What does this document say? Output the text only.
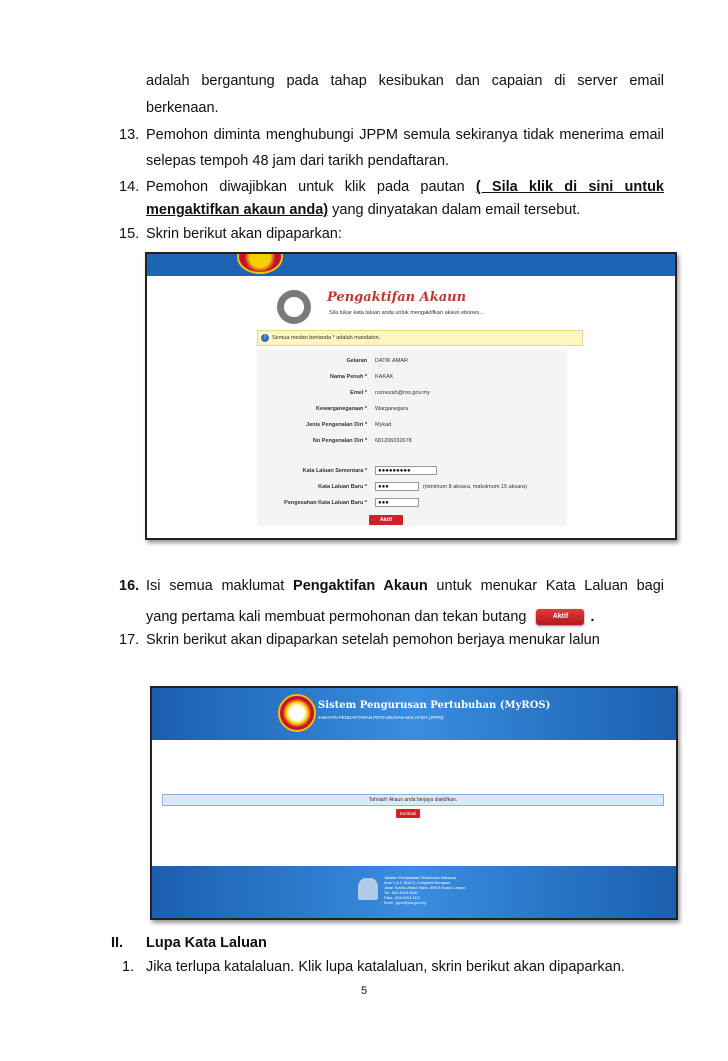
adalah bergantung pada tahap kesibukan dan capaian di server email
berkenaan.
13. Pemohon diminta menghubungi JPPM semula sekiranya tidak menerima email
selepas tempoh 48 jam dari tarikh pendaftaran.
14. Pemohon diwajibkan untuk klik pada pautan ( Sila klik di sini untuk
mengaktifkan akaun anda) yang dinyatakan dalam email tersebut.
15. Skrin berikut akan dipaparkan:
Pengaktifan Akaun
Sila tukar kata laluan anda untuk mengaktifkan akaun ebooes...
! Semua medan bertanda * adalah mandatori.
Gelaran DATIK AMAR
Nama Penuh * KAKAK
Emel * rosnezah@ros.gov.my
Kewarganegaraan * Warganegara
Jenis Pengenalan Diri * Mykad
No Pengenalan Diri * 681206032678
Kata Laluan Sementara *	●●●●●●●●●
Kata Laluan Baru *	●●●	(minimum 8 aksara, maksimum 15 aksara)
Pengesahan Kata Laluan Baru *	●●●
Aktif
16. Isi semua maklumat Pengaktifan Akaun untuk menukar Kata Laluan bagi
yang pertama kali membuat permohonan dan tekan butang	Aktif .
17. Skrin berikut akan dipaparkan setelah pemohon berjaya menukar lalun
Sistem Pengurusan Pertubuhan (MyROS)
JABATAN PENDAFTARAN PERTUBUHAN MALAYSIA (JPPM)
Tahniah! Akaun anda berjaya diaktifkan.
Kembali
Jabatan Pendaftaran Pertubuhan Malaysia
Aras 1 & 2, Blok D, Kompleks Kerajaan,
Jalan Tuanku Abdul Halim, 50505 Kuala Lumpur
Tel : 603-6203 0000
Faks : 603-6201 1111
Emel : jppm@ros.gov.my
II. Lupa Kata Laluan
1. Jika terlupa katalaluan. Klik lupa katalaluan, skrin berikut akan dipaparkan.
5
